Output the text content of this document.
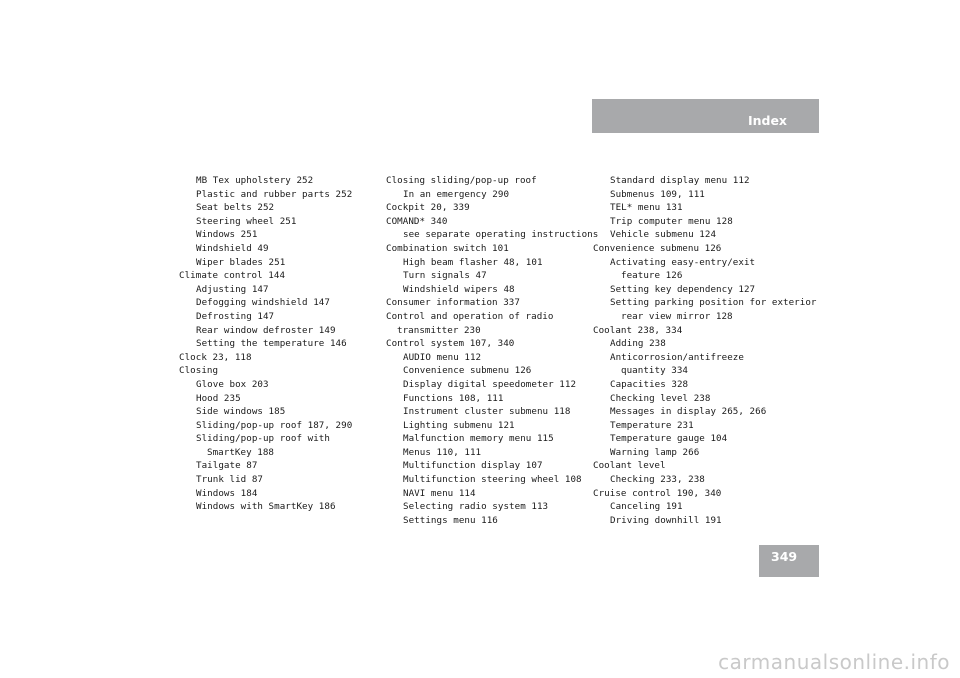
Index
MB Tex upholstery 252
Plastic and rubber parts 252
Seat belts 252
Steering wheel 251
Windows 251
Windshield 49
Wiper blades 251
Climate control 144
Adjusting 147
Defogging windshield 147
Defrosting 147
Rear window defroster 149
Setting the temperature 146
Clock 23, 118
Closing
Glove box 203
Hood 235
Side windows 185
Sliding/pop-up roof 187, 290
Sliding/pop-up roof with
SmartKey 188
Tailgate 87
Trunk lid 87
Windows 184
Windows with SmartKey 186
Closing sliding/pop-up roof
In an emergency 290
Cockpit 20, 339
COMAND* 340
see separate operating instructions
Combination switch 101
High beam flasher 48, 101
Turn signals 47
Windshield wipers 48
Consumer information 337
Control and operation of radio
transmitter 230
Control system 107, 340
AUDIO menu 112
Convenience submenu 126
Display digital speedometer 112
Functions 108, 111
Instrument cluster submenu 118
Lighting submenu 121
Malfunction memory menu 115
Menus 110, 111
Multifunction display 107
Multifunction steering wheel 108
NAVI menu 114
Selecting radio system 113
Settings menu 116
Standard display menu 112
Submenus 109, 111
TEL* menu 131
Trip computer menu 128
Vehicle submenu 124
Convenience submenu 126
Activating easy-entry/exit
feature 126
Setting key dependency 127
Setting parking position for exterior
rear view mirror 128
Coolant 238, 334
Adding 238
Anticorrosion/antifreeze
quantity 334
Capacities 328
Checking level 238
Messages in display 265, 266
Temperature 231
Temperature gauge 104
Warning lamp 266
Coolant level
Checking 233, 238
Cruise control 190, 340
Canceling 191
Driving downhill 191
349
carmanualsonline.info
